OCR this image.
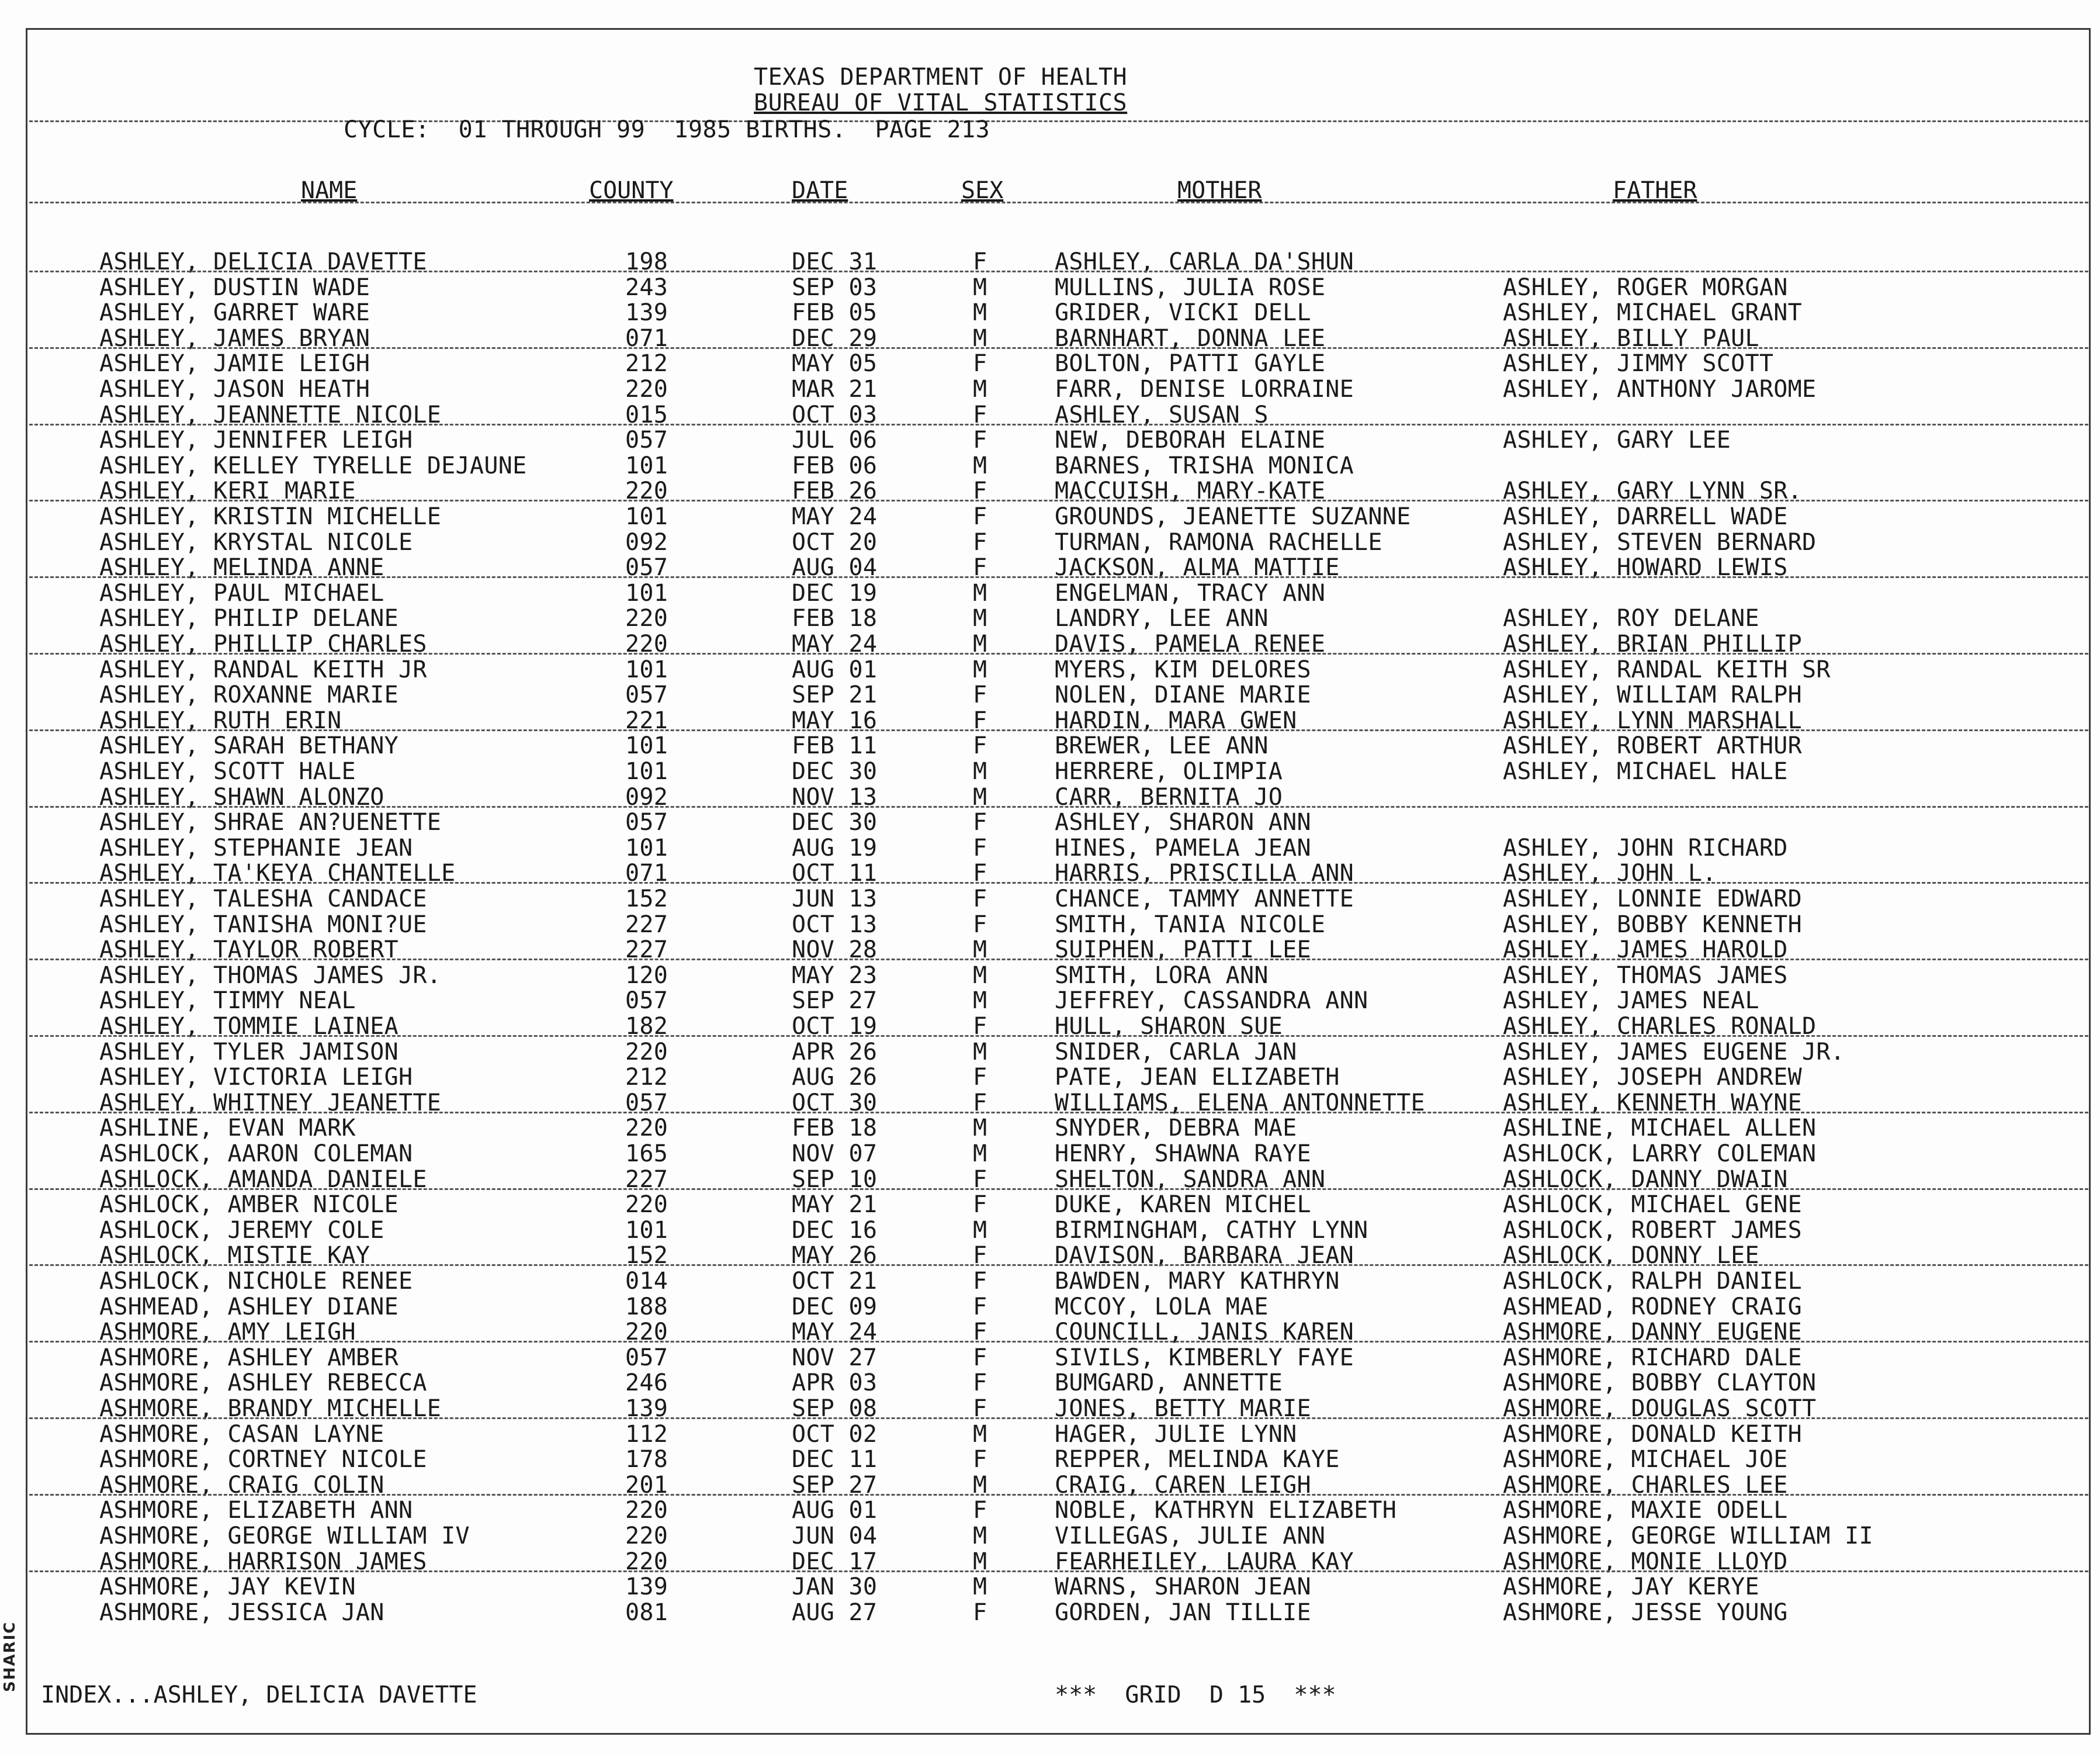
SHARIC
TEXAS DEPARTMENT OF HEALTH
BUREAU OF VITAL STATISTICS
CYCLE:  01 THROUGH 99  1985 BIRTHS.  PAGE 213
NAME	COUNTY	DATE	SEX	MOTHER	FATHER
ASHLEY, DELICIA DAVETTE	198	DEC 31	F	ASHLEY, CARLA DA'SHUN
ASHLEY, DUSTIN WADE	243	SEP 03	M	MULLINS, JULIA ROSE	ASHLEY, ROGER MORGAN
ASHLEY, GARRET WARE	139	FEB 05	M	GRIDER, VICKI DELL	ASHLEY, MICHAEL GRANT
ASHLEY, JAMES BRYAN	071	DEC 29	M	BARNHART, DONNA LEE	ASHLEY, BILLY PAUL
ASHLEY, JAMIE LEIGH	212	MAY 05	F	BOLTON, PATTI GAYLE	ASHLEY, JIMMY SCOTT
ASHLEY, JASON HEATH	220	MAR 21	M	FARR, DENISE LORRAINE	ASHLEY, ANTHONY JAROME
ASHLEY, JEANNETTE NICOLE	015	OCT 03	F	ASHLEY, SUSAN S
ASHLEY, JENNIFER LEIGH	057	JUL 06	F	NEW, DEBORAH ELAINE	ASHLEY, GARY LEE
ASHLEY, KELLEY TYRELLE DEJAUNE	101	FEB 06	M	BARNES, TRISHA MONICA
ASHLEY, KERI MARIE	220	FEB 26	F	MACCUISH, MARY-KATE	ASHLEY, GARY LYNN SR.
ASHLEY, KRISTIN MICHELLE	101	MAY 24	F	GROUNDS, JEANETTE SUZANNE	ASHLEY, DARRELL WADE
ASHLEY, KRYSTAL NICOLE	092	OCT 20	F	TURMAN, RAMONA RACHELLE	ASHLEY, STEVEN BERNARD
ASHLEY, MELINDA ANNE	057	AUG 04	F	JACKSON, ALMA MATTIE	ASHLEY, HOWARD LEWIS
ASHLEY, PAUL MICHAEL	101	DEC 19	M	ENGELMAN, TRACY ANN
ASHLEY, PHILIP DELANE	220	FEB 18	M	LANDRY, LEE ANN	ASHLEY, ROY DELANE
ASHLEY, PHILLIP CHARLES	220	MAY 24	M	DAVIS, PAMELA RENEE	ASHLEY, BRIAN PHILLIP
ASHLEY, RANDAL KEITH JR	101	AUG 01	M	MYERS, KIM DELORES	ASHLEY, RANDAL KEITH SR
ASHLEY, ROXANNE MARIE	057	SEP 21	F	NOLEN, DIANE MARIE	ASHLEY, WILLIAM RALPH
ASHLEY, RUTH ERIN	221	MAY 16	F	HARDIN, MARA GWEN	ASHLEY, LYNN MARSHALL
ASHLEY, SARAH BETHANY	101	FEB 11	F	BREWER, LEE ANN	ASHLEY, ROBERT ARTHUR
ASHLEY, SCOTT HALE	101	DEC 30	M	HERRERE, OLIMPIA	ASHLEY, MICHAEL HALE
ASHLEY, SHAWN ALONZO	092	NOV 13	M	CARR, BERNITA JO
ASHLEY, SHRAE AN?UENETTE	057	DEC 30	F	ASHLEY, SHARON ANN
ASHLEY, STEPHANIE JEAN	101	AUG 19	F	HINES, PAMELA JEAN	ASHLEY, JOHN RICHARD
ASHLEY, TA'KEYA CHANTELLE	071	OCT 11	F	HARRIS, PRISCILLA ANN	ASHLEY, JOHN L.
ASHLEY, TALESHA CANDACE	152	JUN 13	F	CHANCE, TAMMY ANNETTE	ASHLEY, LONNIE EDWARD
ASHLEY, TANISHA MONI?UE	227	OCT 13	F	SMITH, TANIA NICOLE	ASHLEY, BOBBY KENNETH
ASHLEY, TAYLOR ROBERT	227	NOV 28	M	SUIPHEN, PATTI LEE	ASHLEY, JAMES HAROLD
ASHLEY, THOMAS JAMES JR.	120	MAY 23	M	SMITH, LORA ANN	ASHLEY, THOMAS JAMES
ASHLEY, TIMMY NEAL	057	SEP 27	M	JEFFREY, CASSANDRA ANN	ASHLEY, JAMES NEAL
ASHLEY, TOMMIE LAINEA	182	OCT 19	F	HULL, SHARON SUE	ASHLEY, CHARLES RONALD
ASHLEY, TYLER JAMISON	220	APR 26	M	SNIDER, CARLA JAN	ASHLEY, JAMES EUGENE JR.
ASHLEY, VICTORIA LEIGH	212	AUG 26	F	PATE, JEAN ELIZABETH	ASHLEY, JOSEPH ANDREW
ASHLEY, WHITNEY JEANETTE	057	OCT 30	F	WILLIAMS, ELENA ANTONNETTE	ASHLEY, KENNETH WAYNE
ASHLINE, EVAN MARK	220	FEB 18	M	SNYDER, DEBRA MAE	ASHLINE, MICHAEL ALLEN
ASHLOCK, AARON COLEMAN	165	NOV 07	M	HENRY, SHAWNA RAYE	ASHLOCK, LARRY COLEMAN
ASHLOCK, AMANDA DANIELE	227	SEP 10	F	SHELTON, SANDRA ANN	ASHLOCK, DANNY DWAIN
ASHLOCK, AMBER NICOLE	220	MAY 21	F	DUKE, KAREN MICHEL	ASHLOCK, MICHAEL GENE
ASHLOCK, JEREMY COLE	101	DEC 16	M	BIRMINGHAM, CATHY LYNN	ASHLOCK, ROBERT JAMES
ASHLOCK, MISTIE KAY	152	MAY 26	F	DAVISON, BARBARA JEAN	ASHLOCK, DONNY LEE
ASHLOCK, NICHOLE RENEE	014	OCT 21	F	BAWDEN, MARY KATHRYN	ASHLOCK, RALPH DANIEL
ASHMEAD, ASHLEY DIANE	188	DEC 09	F	MCCOY, LOLA MAE	ASHMEAD, RODNEY CRAIG
ASHMORE, AMY LEIGH	220	MAY 24	F	COUNCILL, JANIS KAREN	ASHMORE, DANNY EUGENE
ASHMORE, ASHLEY AMBER	057	NOV 27	F	SIVILS, KIMBERLY FAYE	ASHMORE, RICHARD DALE
ASHMORE, ASHLEY REBECCA	246	APR 03	F	BUMGARD, ANNETTE	ASHMORE, BOBBY CLAYTON
ASHMORE, BRANDY MICHELLE	139	SEP 08	F	JONES, BETTY MARIE	ASHMORE, DOUGLAS SCOTT
ASHMORE, CASAN LAYNE	112	OCT 02	M	HAGER, JULIE LYNN	ASHMORE, DONALD KEITH
ASHMORE, CORTNEY NICOLE	178	DEC 11	F	REPPER, MELINDA KAYE	ASHMORE, MICHAEL JOE
ASHMORE, CRAIG COLIN	201	SEP 27	M	CRAIG, CAREN LEIGH	ASHMORE, CHARLES LEE
ASHMORE, ELIZABETH ANN	220	AUG 01	F	NOBLE, KATHRYN ELIZABETH	ASHMORE, MAXIE ODELL
ASHMORE, GEORGE WILLIAM IV	220	JUN 04	M	VILLEGAS, JULIE ANN	ASHMORE, GEORGE WILLIAM II
ASHMORE, HARRISON JAMES	220	DEC 17	M	FEARHEILEY, LAURA KAY	ASHMORE, MONIE LLOYD
ASHMORE, JAY KEVIN	139	JAN 30	M	WARNS, SHARON JEAN	ASHMORE, JAY KERYE
ASHMORE, JESSICA JAN	081	AUG 27	F	GORDEN, JAN TILLIE	ASHMORE, JESSE YOUNG
INDEX...ASHLEY, DELICIA DAVETTE	***  GRID  D 15  ***
